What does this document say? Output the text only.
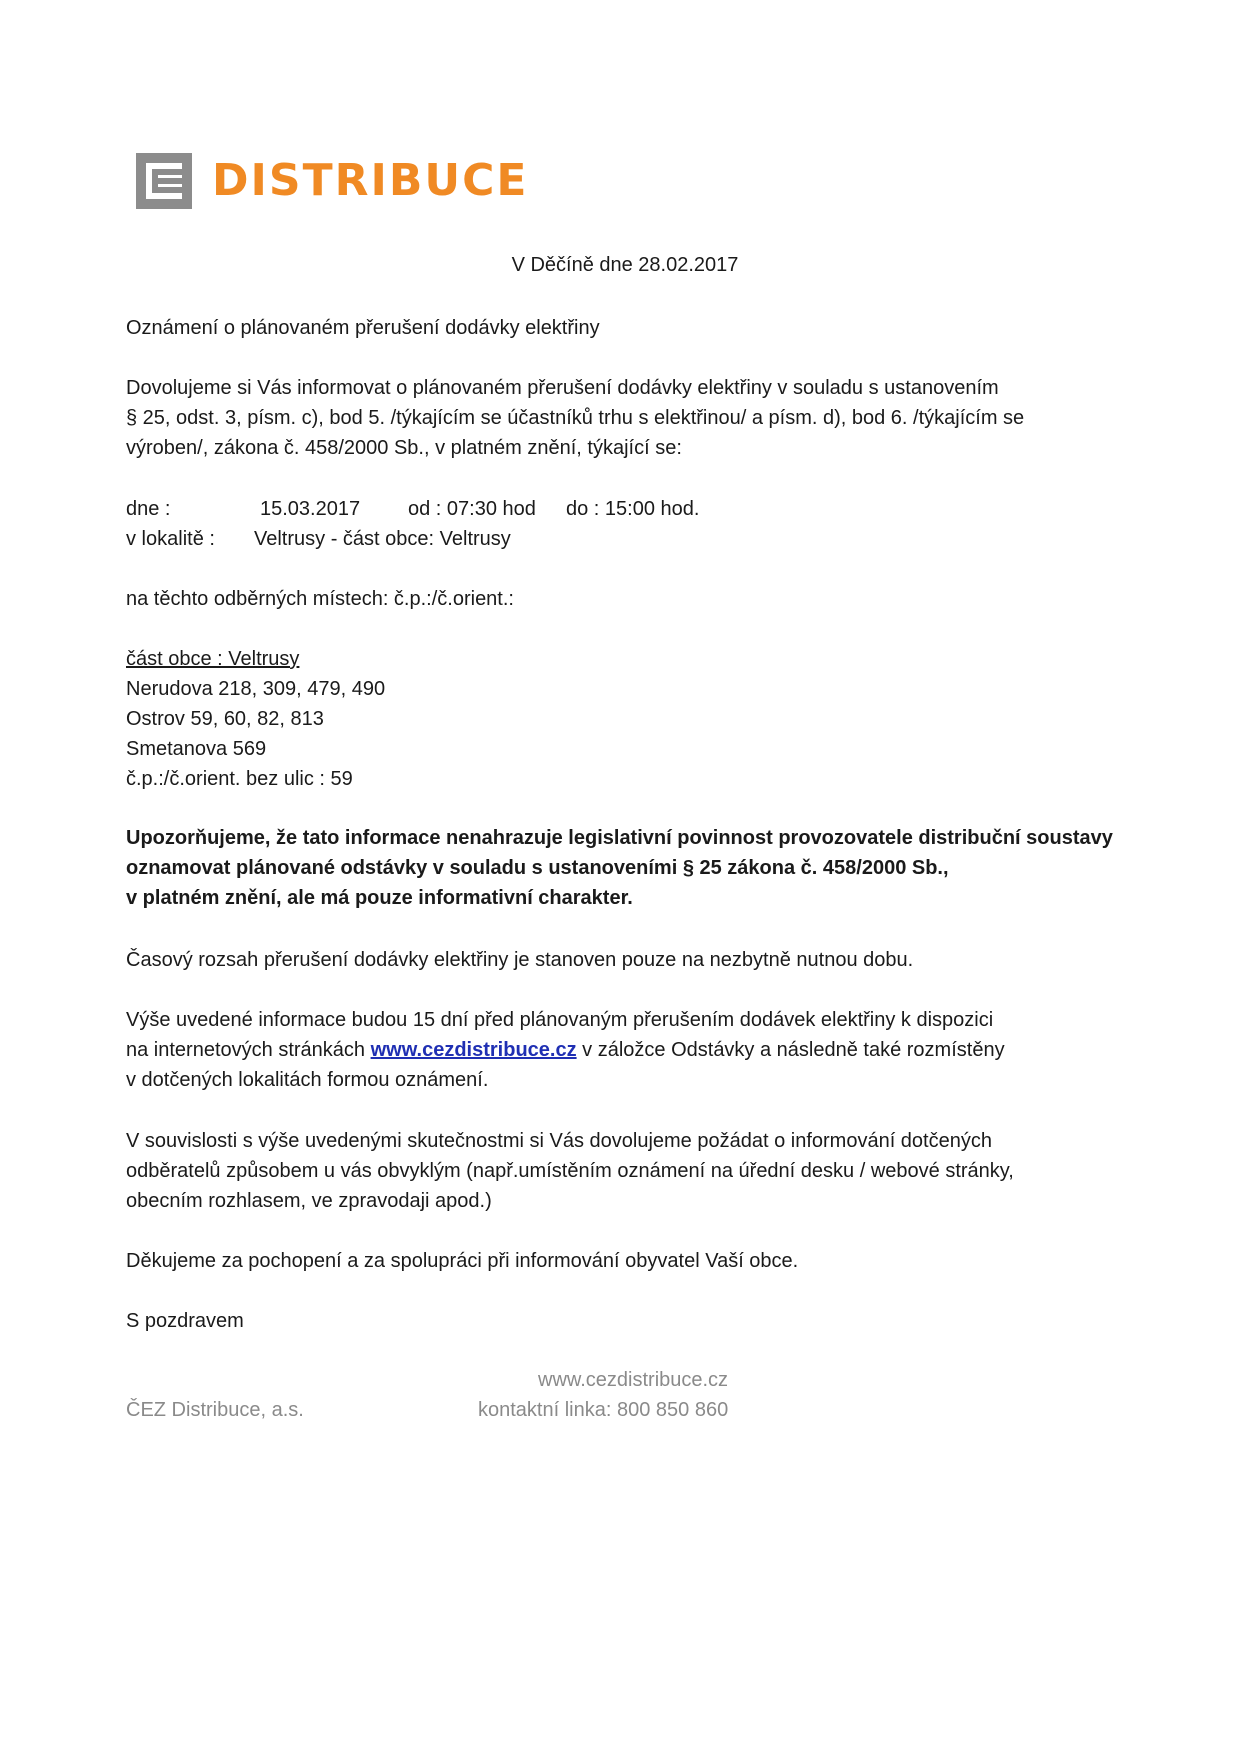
DISTRIBUCE
V Děčíně dne 28.02.2017
Oznámení o plánovaném přerušení dodávky elektřiny
Dovolujeme si Vás informovat o plánovaném přerušení dodávky elektřiny v souladu s ustanovením
§ 25, odst. 3, písm. c), bod 5. /týkajícím se účastníků trhu s elektřinou/ a písm. d), bod 6. /týkajícím se
výroben/, zákona č. 458/2000 Sb., v platném znění, týkající se:
dne :	15.03.2017	od : 07:30 hod	do : 15:00 hod.
v lokalitě :	Veltrusy - část obce: Veltrusy
na těchto odběrných místech: č.p.:/č.orient.:
část obce : Veltrusy
Nerudova 218, 309, 479, 490
Ostrov 59, 60, 82, 813
Smetanova 569
č.p.:/č.orient. bez ulic : 59
Upozorňujeme, že tato informace nenahrazuje legislativní povinnost provozovatele distribuční soustavy
oznamovat plánované odstávky v souladu s ustanoveními § 25 zákona č. 458/2000 Sb.,
v platném znění, ale má pouze informativní charakter.
Časový rozsah přerušení dodávky elektřiny je stanoven pouze na nezbytně nutnou dobu.
Výše uvedené informace budou 15 dní před plánovaným přerušením dodávek elektřiny k dispozici
na internetových stránkách www.cezdistribuce.cz v záložce Odstávky a následně také rozmístěny
v dotčených lokalitách formou oznámení.
V souvislosti s výše uvedenými skutečnostmi si Vás dovolujeme požádat o informování dotčených
odběratelů způsobem u vás obvyklým (např.umístěním oznámení na úřední desku / webové stránky,
obecním rozhlasem, ve zpravodaji apod.)
Děkujeme za pochopení a za spolupráci při informování obyvatel Vaší obce.
S pozdravem
www.cezdistribuce.cz
ČEZ Distribuce, a.s.	kontaktní linka: 800 850 860
